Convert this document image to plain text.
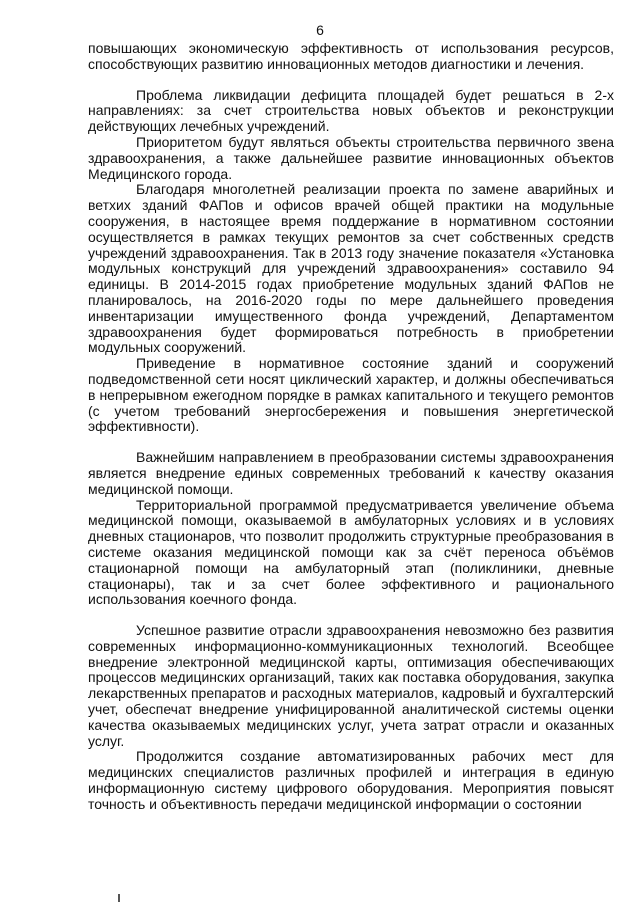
6

повышающих экономическую эффективность от использования ресурсов, способствующих развитию инновационных методов диагностики и лечения.

Проблема ликвидации дефицита площадей будет решаться в 2-х направлениях: за счет строительства новых объектов и реконструкции действующих лечебных учреждений.

Приоритетом будут являться объекты строительства первичного звена здравоохранения, а также дальнейшее развитие инновационных объектов Медицинского города.

Благодаря многолетней реализации проекта по замене аварийных и ветхих зданий ФАПов и офисов врачей общей практики на модульные сооружения, в настоящее время поддержание в нормативном состоянии осуществляется в рамках текущих ремонтов за счет собственных средств учреждений здравоохранения. Так в 2013 году значение показателя «Установка модульных конструкций для учреждений здравоохранения» составило 94 единицы. В 2014-2015 годах приобретение модульных зданий ФАПов не планировалось, на 2016-2020 годы по мере дальнейшего проведения инвентаризации имущественного фонда учреждений, Департаментом здравоохранения будет формироваться потребность в приобретении модульных сооружений.

Приведение в нормативное состояние зданий и сооружений подведомственной сети носят циклический характер, и должны обеспечиваться в непрерывном ежегодном порядке в рамках капитального и текущего ремонтов (с учетом требований энергосбережения и повышения энергетической эффективности).

Важнейшим направлением в преобразовании системы здравоохранения является внедрение единых современных требований к качеству оказания медицинской помощи.

Территориальной программой предусматривается увеличение объема медицинской помощи, оказываемой в амбулаторных условиях и в условиях дневных стационаров, что позволит продолжить структурные преобразования в системе оказания медицинской помощи как за счёт переноса объёмов стационарной помощи на амбулаторный этап (поликлиники, дневные стационары), так и за счет более эффективного и рационального использования коечного фонда.

Успешное развитие отрасли здравоохранения невозможно без развития современных информационно-коммуникационных технологий. Всеобщее внедрение электронной медицинской карты, оптимизация обеспечивающих процессов медицинских организаций, таких как поставка оборудования, закупка лекарственных препаратов и расходных материалов, кадровый и бухгалтерский учет, обеспечат внедрение унифицированной аналитической системы оценки качества оказываемых медицинских услуг, учета затрат отрасли и оказанных услуг.

Продолжится создание автоматизированных рабочих мест для медицинских специалистов различных профилей и интеграция в единую информационную систему цифрового оборудования. Мероприятия повысят точность и объективность передачи медицинской информации о состоянии
